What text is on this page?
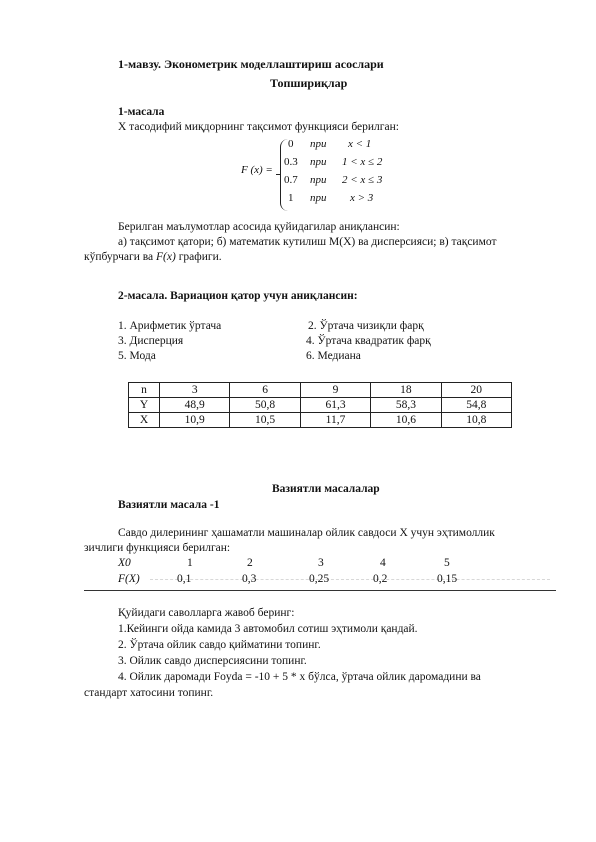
1-мавзу. Эконометрик моделлаштириш асослари
Топшириқлар
1-масала
Х тасодифий миқдорнинг тақсимот функцияси берилган:
F (x) =
0 при x < 1
0.3 при 1 < x ≤ 2
0.7 при 2 < x ≤ 3
1 при x > 3
Берилган маълумотлар асосида қуйидагилар аниқлансин:
а) тақсимот қатори; б) математик кутилиш М(Х) ва дисперсияси; в) тақсимот
кўпбурчаги ва F(x) графиги.
2-масала. Вариацион қатор учун аниқлансин:
1. Арифметик ўртача
3. Дисперция
5. Мода
2. Ўртача чизиқли фарқ
4. Ўртача квадратик фарқ
6. Медиана
n	3	6	9	18	20
Y	48,9	50,8	61,3	58,3	54,8
X	10,9	10,5	11,7	10,6	10,8
Вазиятли масалалар
Вазиятли масала -1
Савдо дилерининг ҳашаматли машиналар ойлик савдоси Х учун эҳтимоллик
зичлиги функцияси берилган:
X0	1	2	3	4	5
F(X)	0,1	0,3	0,25	0,2	0,15
Қуйидаги саволларга жавоб беринг:
1.Кейинги ойда камида 3 автомобил сотиш эҳтимоли қандай.
2. Ўртача ойлик савдо қийматини топинг.
3. Ойлик савдо дисперсиясини топинг.
4. Ойлик даромади Foyda = -10 + 5 * x бўлса, ўртача ойлик даромадини ва
стандарт хатосини топинг.
